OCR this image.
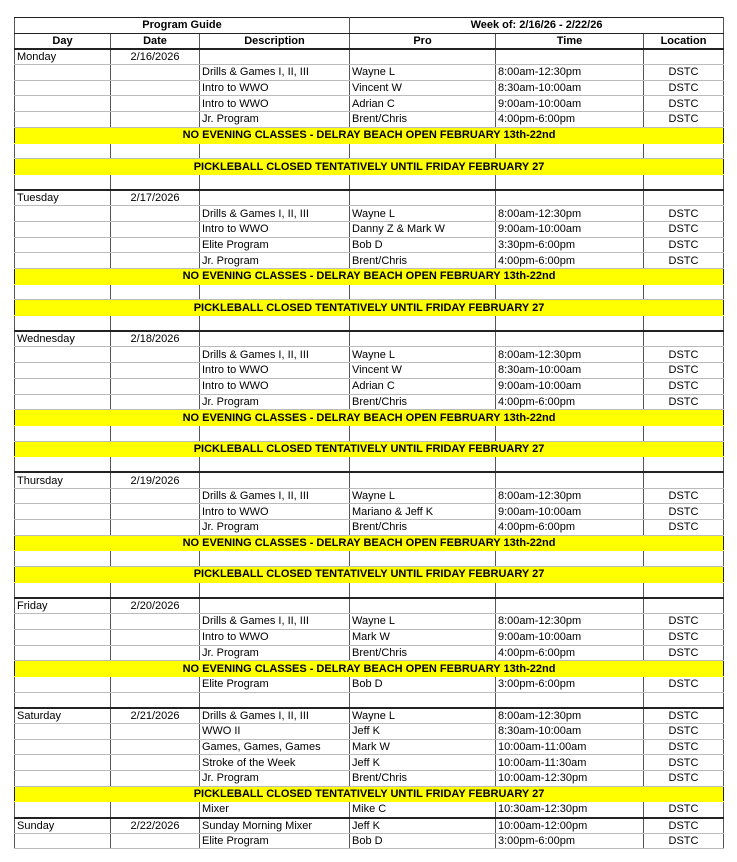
Program Guide			Week of: 2/16/26 - 2/22/26		
Day	Date	Description	Pro	Time	Location
Monday	2/16/2026				
		Drills & Games I, II, III	Wayne L	8:00am-12:30pm	DSTC
		Intro to WWO	Vincent W	8:30am-10:00am	DSTC
		Intro to WWO	Adrian C	9:00am-10:00am	DSTC
		Jr. Program	Brent/Chris	4:00pm-6:00pm	DSTC
NO EVENING CLASSES - DELRAY BEACH OPEN FEBRUARY 13th-22nd					

PICKLEBALL CLOSED TENTATIVELY UNTIL FRIDAY FEBRUARY 27					

Tuesday	2/17/2026				
		Drills & Games I, II, III	Wayne L	8:00am-12:30pm	DSTC
		Intro to WWO	Danny Z & Mark W	9:00am-10:00am	DSTC
		Elite Program	Bob D	3:30pm-6:00pm	DSTC
		Jr. Program	Brent/Chris	4:00pm-6:00pm	DSTC
NO EVENING CLASSES - DELRAY BEACH OPEN FEBRUARY 13th-22nd					

PICKLEBALL CLOSED TENTATIVELY UNTIL FRIDAY FEBRUARY 27					

Wednesday	2/18/2026				
		Drills & Games I, II, III	Wayne L	8:00am-12:30pm	DSTC
		Intro to WWO	Vincent W	8:30am-10:00am	DSTC
		Intro to WWO	Adrian C	9:00am-10:00am	DSTC
		Jr. Program	Brent/Chris	4:00pm-6:00pm	DSTC
NO EVENING CLASSES - DELRAY BEACH OPEN FEBRUARY 13th-22nd					

PICKLEBALL CLOSED TENTATIVELY UNTIL FRIDAY FEBRUARY 27					

Thursday	2/19/2026				
		Drills & Games I, II, III	Wayne L	8:00am-12:30pm	DSTC
		Intro to WWO	Mariano & Jeff K	9:00am-10:00am	DSTC
		Jr. Program	Brent/Chris	4:00pm-6:00pm	DSTC
NO EVENING CLASSES - DELRAY BEACH OPEN FEBRUARY 13th-22nd					

PICKLEBALL CLOSED TENTATIVELY UNTIL FRIDAY FEBRUARY 27					

Friday	2/20/2026				
		Drills & Games I, II, III	Wayne L	8:00am-12:30pm	DSTC
		Intro to WWO	Mark W	9:00am-10:00am	DSTC
		Jr. Program	Brent/Chris	4:00pm-6:00pm	DSTC
NO EVENING CLASSES - DELRAY BEACH OPEN FEBRUARY 13th-22nd					
		Elite Program	Bob D	3:00pm-6:00pm	DSTC

Saturday	2/21/2026	Drills & Games I, II, III	Wayne L	8:00am-12:30pm	DSTC
		WWO II	Jeff K	8:30am-10:00am	DSTC
		Games, Games, Games	Mark W	10:00am-11:00am	DSTC
		Stroke of the Week	Jeff K	10:00am-11:30am	DSTC
		Jr. Program	Brent/Chris	10:00am-12:30pm	DSTC
PICKLEBALL CLOSED TENTATIVELY UNTIL FRIDAY FEBRUARY 27					
		Mixer	Mike C	10:30am-12:30pm	DSTC
Sunday	2/22/2026	Sunday Morning Mixer	Jeff K	10:00am-12:00pm	DSTC
		Elite Program	Bob D	3:00pm-6:00pm	DSTC
